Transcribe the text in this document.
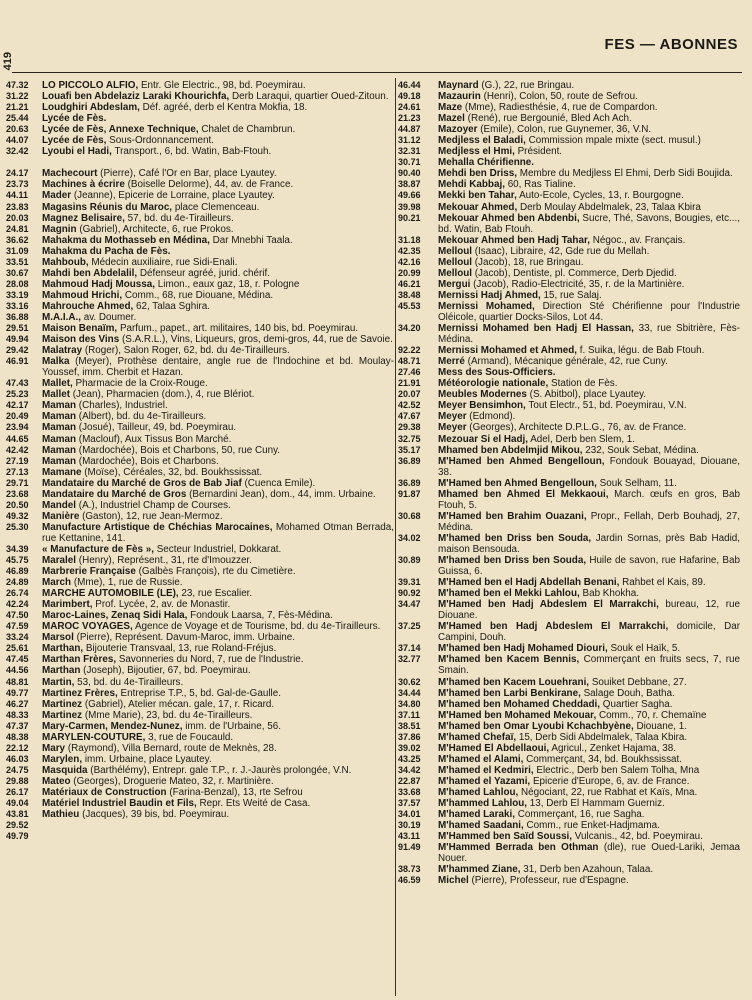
419
FES — ABONNES
47.32	LO PICCOLO ALFIO, Entr. Gle Electric., 98, bd. Poeymirau.
31.22	Louafi ben Abdelaziz Laraki Khourichfa, Derb Laraqui, quartier Oued-Zitoun.
21.21	Loudghiri Abdeslam, Déf. agréé, derb el Kentra Mokfia, 18.
25.44	Lycée de Fès.
20.63	Lycée de Fès, Annexe Technique, Chalet de Chambrun.
44.07	Lycée de Fès, Sous-Ordonnancement.
32.42	Lyoubi el Hadi, Transport., 6, bd. Watin, Bab-Ftouh.
24.17	Machecourt (Pierre), Café l'Or en Bar, place Lyautey.
23.73	Machines à écrire (Boiselle Delorme), 44, av. de France.
44.11	Mader (Jeanne), Epicerie de Lorraine, place Lyautey.
23.83	Magasins Réunis du Maroc, place Clemenceau.
20.03	Magnez Belisaire, 57, bd. du 4e-Tirailleurs.
24.81	Magnin (Gabriel), Architecte, 6, rue Prokos.
36.62	Mahakma du Mothasseb en Médina, Dar Mnebhi Taala.
31.09	Mahakma du Pacha de Fès.
33.51	Mahboub, Médecin auxiliaire, rue Sidi-Enali.
30.67	Mahdi ben Abdelalil, Défenseur agréé, jurid. chérif.
28.08	Mahmoud Hadj Moussa, Limon., eaux gaz, 18, r. Pologne
33.19	Mahmoud Hrichi, Comm., 68, rue Diouane, Médina.
33.16	Mahrouche Ahmed, 62, Talaa Sghira.
36.88	M.A.I.A., av. Doumer.
29.51	Maison Benaïm, Parfum., papet., art. militaires, 140 bis, bd. Poeymirau.
49.94	Maison des Vins (S.A.R.L.), Vins, Liqueurs, gros, demi-gros, 44, rue de Savoie.
29.42	Malatray (Roger), Salon Roger, 62, bd. du 4e-Tirailleurs.
46.91	Malka (Meyer), Prothèse dentaire, angle rue de l'Indochine et bd. Moulay-Youssef, imm. Cherbit et Hazan.
47.43	Mallet, Pharmacie de la Croix-Rouge.
25.23	Mallet (Jean), Pharmacien (dom.), 4, rue Blériot.
42.17	Maman (Charles), Industriel.
20.49	Maman (Albert), bd. du 4e-Tirailleurs.
23.94	Maman (Josué), Tailleur, 49, bd. Poeymirau.
44.65	Maman (Maclouf), Aux Tissus Bon Marché.
42.42	Maman (Mardochée), Bois et Charbons, 50, rue Cuny.
27.19	Maman (Mardochée), Bois et Charbons.
27.13	Mamane (Moïse), Céréales, 32, bd. Boukhssissat.
29.71	Mandataire du Marché de Gros de Bab Jiaf (Cuenca Emile).
23.68	Mandataire du Marché de Gros (Bernardini Jean), dom., 44, imm. Urbaine.
20.50	Mandel (A.), Industriel Champ de Courses.
49.32	Manière (Gaston), 12, rue Jean-Mermoz.
25.30	Manufacture Artistique de Chéchias Marocaines, Mohamed Otman Berrada, rue Kettanine, 141.
34.39	« Manufacture de Fès », Secteur Industriel, Dokkarat.
45.75	Maralel (Henry), Représent., 31, rte d'Imouzzer.
46.89	Marbrerie Française (Galbès François), rte du Cimetière.
24.89	March (Mme), 1, rue de Russie.
26.74	MARCHE AUTOMOBILE (LE), 23, rue Escalier.
42.24	Marimbert, Prof. Lycée, 2, av. de Monastir.
47.50	Maroc-Laines, Zenaq Sidi Hala, Fondouk Laarsa, 7, Fès-Médina.
47.59	MAROC VOYAGES, Agence de Voyage et de Tourisme, bd. du 4e-Tirailleurs.
33.24	Marsol (Pierre), Représent. Davum-Maroc, imm. Urbaine.
25.61	Marthan, Bijouterie Transvaal, 13, rue Roland-Fréjus.
47.45	Marthan Frères, Savonneries du Nord, 7, rue de l'Industrie.
44.56	Marthan (Joseph), Bijoutier, 67, bd. Poeymirau.
48.81	Martin, 53, bd. du 4e-Tirailleurs.
49.77	Martinez Frères, Entreprise T.P., 5, bd. Gal-de-Gaulle.
46.27	Martinez (Gabriel), Atelier mécan. gale, 17, r. Ricard.
48.33	Martinez (Mme Marie), 23, bd. du 4e-Tirailleurs.
47.37	Mary-Carmen, Mendez-Nunez, imm. de l'Urbaine, 56.
48.38	MARYLEN-COUTURE, 3, rue de Foucauld.
22.12	Mary (Raymond), Villa Bernard, route de Meknès, 28.
46.03	Marylen, imm. Urbaine, place Lyautey.
24.75	Masquida (Barthélémy), Entrepr. gale T.P., r. J.-Jaurès prolongée, V.N.
29.88	Mateo (Georges), Droguerie Mateo, 32, r. Martinière.
26.17	Matériaux de Construction (Farina-Benzal), 13, rte Sefrou
49.04	Matériel Industriel Baudin et Fils, Repr. Ets Weité de Casa.
43.81	Mathieu (Jacques), 39 bis, bd. Poeymirau.
29.52
49.79
46.44	Maynard (G.), 22, rue Bringau.
49.18	Mazaurin (Henri), Colon, 50, route de Sefrou.
24.61	Maze (Mme), Radiesthésie, 4, rue de Compardon.
21.23	Mazel (René), rue Bergounié, Bled Ach Ach.
44.87	Mazoyer (Emile), Colon, rue Guynemer, 36, V.N.
31.12	Medjless el Baladi, Commission mpale mixte (sect. musul.)
32.31	Medjless el Hmi, Président.
30.71	Mehalla Chérifienne.
90.40	Mehdi ben Driss, Membre du Medjless El Ehmi, Derb Sidi Boujida.
38.87	Mehdi Kabbaj, 60, Ras Tialine.
49.66	Mekki ben Tahar, Auto-Ecole, Cycles, 13, r. Bourgogne.
39.98	Mekouar Ahmed, Derb Moulay Abdelmalek, 23, Talaa Kbira
90.21	Mekouar Ahmed ben Abdenbi, Sucre, Thé, Savons, Bougies, etc..., bd. Watin, Bab Ftouh.
31.18	Mekouar Ahmed ben Hadj Tahar, Négoc., av. Français.
42.35	Melloul (Isaac), Libraire, 42, Gde rue du Mellah.
42.16	Melloul (Jacob), 18, rue Bringau.
20.99	Melloul (Jacob), Dentiste, pl. Commerce, Derb Djedid.
46.21	Mergui (Jacob), Radio-Electricité, 35, r. de la Martinière.
38.48	Mernissi Hadj Ahmed, 15, rue Salaj.
45.53	Mernissi Mohamed, Direction Sté Chérifienne pour l'Industrie Oléicole, quartier Docks-Silos, Lot 44.
34.20	Mernissi Mohamed ben Hadj El Hassan, 33, rue Sbitrière, Fès-Médina.
92.22	Mernissi Mohamed et Ahmed, f. Suika, légu. de Bab Ftouh.
48.71	Merré (Armand), Mécanique générale, 42, rue Cuny.
27.46	Mess des Sous-Officiers.
21.91	Météorologie nationale, Station de Fès.
20.07	Meubles Modernes (S. Abitbol), place Lyautey.
42.52	Meyer Bensimhon, Tout Electr., 51, bd. Poeymirau, V.N.
47.67	Meyer (Edmond).
29.38	Meyer (Georges), Architecte D.P.L.G., 76, av. de France.
32.75	Mezouar Si el Hadj, Adel, Derb ben Slem, 1.
35.17	Mhamed ben Abdelmjid Mikou, 232, Souk Sebat, Médina.
36.89	M'Hamed ben Ahmed Bengelloun, Fondouk Bouayad, Diouane, 38.
36.89	M'Hamed ben Ahmed Bengelloun, Souk Selham, 11.
91.87	Mhamed ben Ahmed El Mekkaoui, March. œufs en gros, Bab Ftouh, 5.
30.68	M'Hamed ben Brahim Ouazani, Propr., Fellah, Derb Bouhadj, 27, Médina.
34.02	M'hamed ben Driss ben Souda, Jardin Sornas, près Bab Hadid, maison Bensouda.
30.89	M'hamed ben Driss ben Souda, Huile de savon, rue Hafarine, Bab Guissa, 6.
39.31	M'Hamed ben el Hadj Abdellah Benani, Rahbet el Kais, 89.
90.92	M'hamed ben el Mekki Lahlou, Bab Khokha.
34.47	M'Hamed ben Hadj Abdeslem El Marrakchi, bureau, 12, rue Diouane.
37.25	M'Hamed ben Hadj Abdeslem El Marrakchi, domicile, Dar Campini, Douh.
37.14	M'hamed ben Hadj Mohamed Diouri, Souk el Haïk, 5.
32.77	M'hamed ben Kacem Bennis, Commerçant en fruits secs, 7, rue Smain.
30.62	M'hamed ben Kacem Louehrani, Souiket Debbane, 27.
34.44	M'hamed ben Larbi Benkirane, Salage Douh, Batha.
34.80	M'hamed ben Mohamed Cheddadi, Quartier Sagha.
37.11	M'Hamed ben Mohamed Mekouar, Comm., 70, r. Chemaïne
38.51	M'hamed ben Omar Lyoubi Kchachbyène, Diouane, 1.
37.86	M'hamed Chefaï, 15, Derb Sidi Abdelmalek, Talaa Kbira.
39.02	M'Hamed El Abdellaoui, Agricul., Zenket Hajama, 38.
43.25	M'hamed el Alami, Commerçant, 34, bd. Boukhssissat.
34.42	M'hamed el Kedmiri, Electric., Derb ben Salem Tolha, Mna
22.87	M'hamed el Yazami, Epicerie d'Europe, 6, av. de France.
33.68	M'hamed Lahlou, Négociant, 22, rue Rabhat et Kaïs, Mna.
37.57	M'hammed Lahlou, 13, Derb El Hammam Guerniz.
34.01	M'hamed Laraki, Commerçant, 16, rue Sagha.
30.19	M'hamed Saadani, Comm., rue Enket-Hadjmama.
43.11	M'Hammed ben Saïd Soussi, Vulcanis., 42, bd. Poeymirau.
91.49	M'Hammed Berrada ben Othman (dle), rue Oued-Lariki, Jemaa Nouer.
38.73	M'hammed Ziane, 31, Derb ben Azahoun, Talaa.
46.59	Michel (Pierre), Professeur, rue d'Espagne.
